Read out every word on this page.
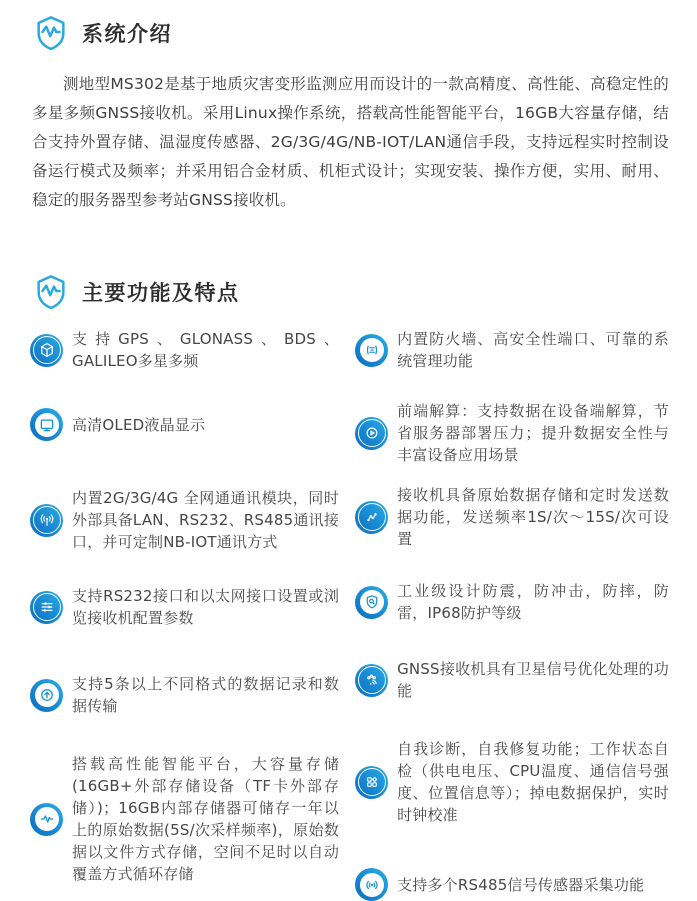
系统介绍

测地型MS302是基于地质灾害变形监测应用而设计的一款高精度、高性能、高稳定性的多星多频GNSS接收机。采用Linux操作系统，搭载高性能智能平台，16GB大容量存储，结合支持外置存储、温湿度传感器、2G/3G/4G/NB-IOT/LAN通信手段，支持远程实时控制设备运行模式及频率；并采用铝合金材质、机柜式设计；实现安装、操作方便，实用、耐用、稳定的服务器型参考站GNSS接收机。

主要功能及特点

支持GPS、GLONASS、BDS、GALILEO多星多频

高清OLED液晶显示

内置2G/3G/4G 全网通通讯模块，同时外部具备LAN、RS232、RS485通讯接口，并可定制NB-IOT通讯方式

支持RS232接口和以太网接口设置或浏览接收机配置参数

支持5条以上不同格式的数据记录和数据传输

搭载高性能智能平台，大容量存储(16GB+外部存储设备（TF卡外部存储）)；16GB内部存储器可储存一年以上的原始数据(5S/次采样频率)，原始数据以文件方式存储，空间不足时以自动覆盖方式循环存储

内置防火墙、高安全性端口、可靠的系统管理功能

前端解算：支持数据在设备端解算，节省服务器部署压力；提升数据安全性与丰富设备应用场景

接收机具备原始数据存储和定时发送数据功能，发送频率1S/次～15S/次可设置

工业级设计防震，防冲击，防摔，防雷，IP68防护等级

GNSS接收机具有卫星信号优化处理的功能

自我诊断，自我修复功能；工作状态自检（供电电压、CPU温度、通信信号强度、位置信息等）；掉电数据保护，实时时钟校准

支持多个RS485信号传感器采集功能
